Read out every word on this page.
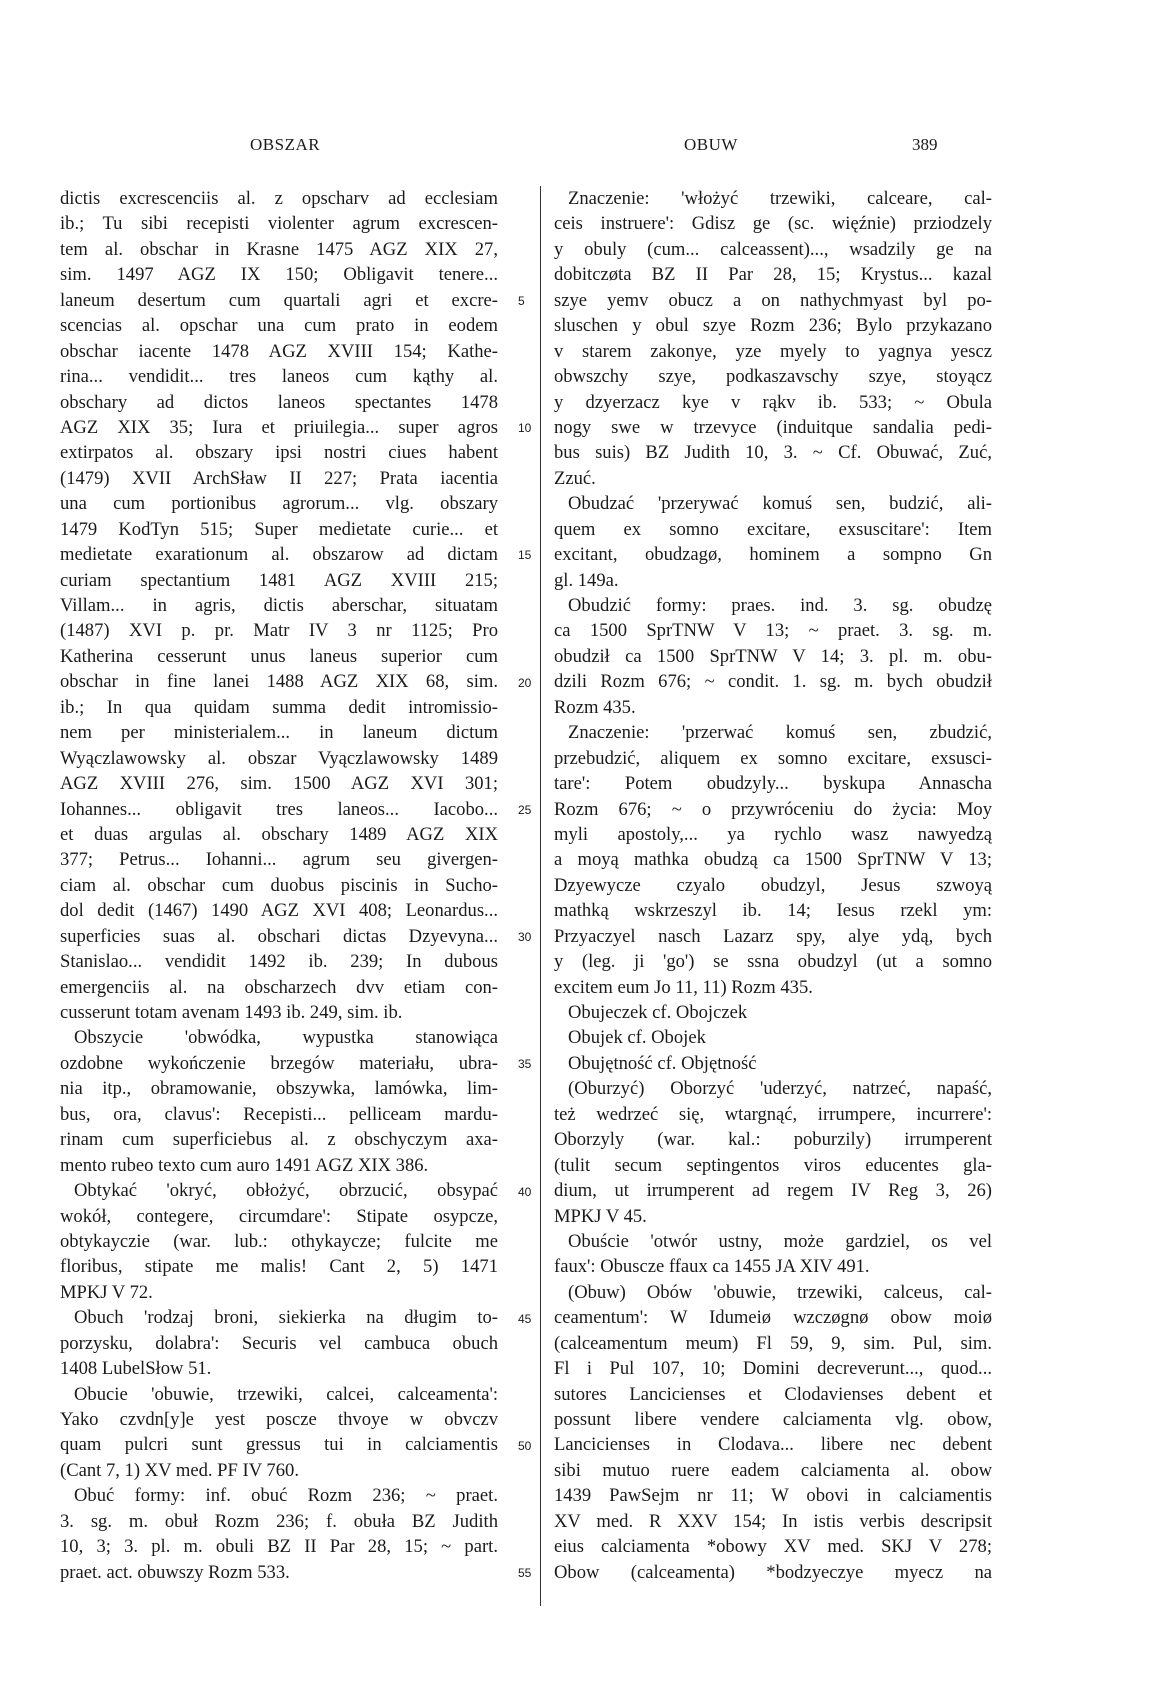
OBSZAR	OBUW	389
dictis excrescenciis al. z opscharv ad ecclesiam
ib.; Tu sibi recepisti violenter agrum excrescen-
tem al. obschar in Krasne 1475 AGZ XIX 27,
sim. 1497 AGZ IX 150; Obligavit tenere...
laneum desertum cum quartali agri et excre-
scencias al. opschar una cum prato in eodem
obschar iacente 1478 AGZ XVIII 154; Kathe-
rina... vendidit... tres laneos cum kąthy al.
obschary ad dictos laneos spectantes 1478
AGZ XIX 35; Iura et priuilegia... super agros
extirpatos al. obszary ipsi nostri ciues habent
(1479) XVII ArchSław II 227; Prata iacentia
una cum portionibus agrorum... vlg. obszary
1479 KodTyn 515; Super medietate curie... et
medietate exarationum al. obszarow ad dictam
curiam spectantium 1481 AGZ XVIII 215;
Villam... in agris, dictis aberschar, situatam
(1487) XVI p. pr. Matr IV 3 nr 1125; Pro
Katherina cesserunt unus laneus superior cum
obschar in fine lanei 1488 AGZ XIX 68, sim.
ib.; In qua quidam summa dedit intromissio-
nem per ministerialem... in laneum dictum
Wyączlawowsky al. obszar Vyączlawowsky 1489
AGZ XVIII 276, sim. 1500 AGZ XVI 301;
Iohannes... obligavit tres laneos... Iacobo...
et duas argulas al. obschary 1489 AGZ XIX
377; Petrus... Iohanni... agrum seu givergen-
ciam al. obschar cum duobus piscinis in Sucho-
dol dedit (1467) 1490 AGZ XVI 408; Leonardus...
superficies suas al. obschari dictas Dzyevyna...
Stanislao... vendidit 1492 ib. 239; In dubous
emergenciis al. na obscharzech dvv etiam con-
cusserunt totam avenam 1493 ib. 249, sim. ib.
Obszycie 'obwódka, wypustka stanowiąca
ozdobne wykończenie brzegów materiału, ubra-
nia itp., obramowanie, obszywka, lamówka, lim-
bus, ora, clavus': Recepisti... pelliceam mardu-
rinam cum superficiebus al. z obschyczym axa-
mento rubeo texto cum auro 1491 AGZ XIX 386.
Obtykać 'okryć, obłożyć, obrzucić, obsypać
wokół, contegere, circumdare': Stipate osypcze,
obtykayczie (war. lub.: othykaycze; fulcite me
floribus, stipate me malis! Cant 2, 5) 1471
MPKJ V 72.
Obuch 'rodzaj broni, siekierka na długim to-
porzysku, dolabra': Securis vel cambuca obuch
1408 LubelSłow 51.
Obucie 'obuwie, trzewiki, calcei, calceamenta':
Yako czvdn[y]e yest poscze thvoye w obvczv
quam pulcri sunt gressus tui in calciamentis
(Cant 7, 1) XV med. PF IV 760.
Obuć formy: inf. obuć Rozm 236; ~ praet.
3. sg. m. obuł Rozm 236; f. obuła BZ Judith
10, 3; 3. pl. m. obuli BZ II Par 28, 15; ~ part.
praet. act. obuwszy Rozm 533.
5
10
15
20
25
30
35
40
45
50
55
Znaczenie: 'włożyć trzewiki, calceare, cal-
ceis instruere': Gdisz ge (sc. więźnie) prziodzely
y obuly (cum... calceassent)..., wsadzily ge na
dobitczøta BZ II Par 28, 15; Krystus... kazal
szye yemv obucz a on nathychmyast byl po-
sluschen y obul szye Rozm 236; Bylo przykazano
v starem zakonye, yze myely to yagnya yescz
obwszchy szye, podkaszavschy szye, stoyącz
y dzyerzacz kye v rąkv ib. 533; ~ Obula
nogy swe w trzevyce (induitque sandalia pedi-
bus suis) BZ Judith 10, 3. ~ Cf. Obuwać, Zuć,
Zzuć.
Obudzać 'przerywać komuś sen, budzić, ali-
quem ex somno excitare, exsuscitare': Item
excitant, obudzagø, hominem a sompno Gn
gl. 149a.
Obudzić formy: praes. ind. 3. sg. obudzę
ca 1500 SprTNW V 13; ~ praet. 3. sg. m.
obudził ca 1500 SprTNW V 14; 3. pl. m. obu-
dzili Rozm 676; ~ condit. 1. sg. m. bych obudził
Rozm 435.
Znaczenie: 'przerwać komuś sen, zbudzić,
przebudzić, aliquem ex somno excitare, exsusci-
tare': Potem obudzyly... byskupa Annascha
Rozm 676; ~ o przywróceniu do życia: Moy
myli apostoly,... ya rychlo wasz nawyedzą
a moyą mathka obudzą ca 1500 SprTNW V 13;
Dzyewycze czyalo obudzyl, Jesus szwoyą
mathką wskrzeszyl ib. 14; Iesus rzekl ym:
Przyaczyel nasch Lazarz spy, alye ydą, bych
y (leg. ji 'go') se ssna obudzyl (ut a somno
excitem eum Jo 11, 11) Rozm 435.
Obujeczek cf. Obojczek
Obujek cf. Obojek
Obujętność cf. Objętność
(Oburzyć) Oborzyć 'uderzyć, natrzeć, napaść,
też wedrzeć się, wtargnąć, irrumpere, incurrere':
Oborzyly (war. kal.: poburzily) irrumperent
(tulit secum septingentos viros educentes gla-
dium, ut irrumperent ad regem IV Reg 3, 26)
MPKJ V 45.
Obuście 'otwór ustny, może gardziel, os vel
faux': Obuscze ffaux ca 1455 JA XIV 491.
(Obuw) Obów 'obuwie, trzewiki, calceus, cal-
ceamentum': W Idumeiø wzczøgnø obow moiø
(calceamentum meum) Fl 59, 9, sim. Pul, sim.
Fl i Pul 107, 10; Domini decreverunt..., quod...
sutores Lancicienses et Clodavienses debent et
possunt libere vendere calciamenta vlg. obow,
Lancicienses in Clodava... libere nec debent
sibi mutuo ruere eadem calciamenta al. obow
1439 PawSejm nr 11; W obovi in calciamentis
XV med. R XXV 154; In istis verbis descripsit
eius calciamenta *obowy XV med. SKJ V 278;
Obow (calceamenta) *bodzyeczye myecz na
